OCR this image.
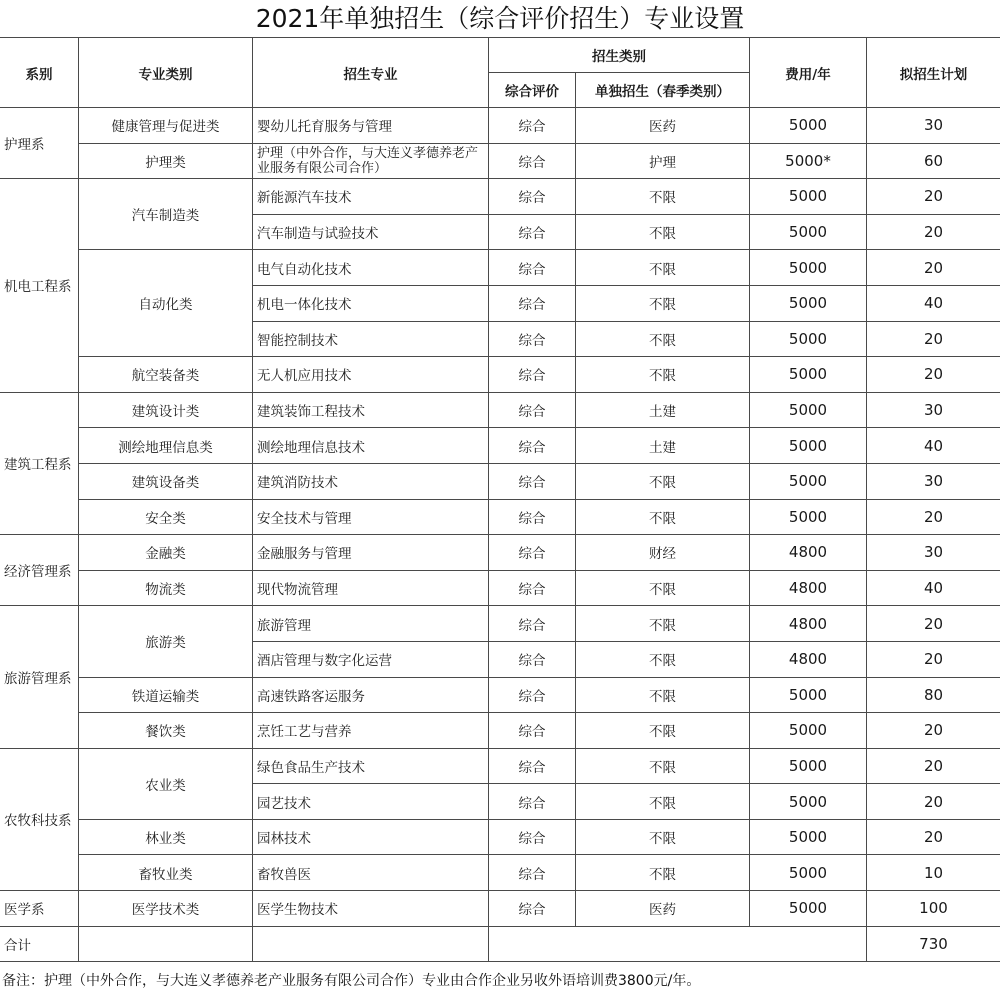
2021年单独招生（综合评价招生）专业设置
系别	专业类别	招生专业	招生类别		费用/年	拟招生计划
			综合评价	单独招生（春季类别）		
护理系	健康管理与促进类	婴幼儿托育服务与管理	综合	医药	5000	30
	护理类	护理（中外合作，与大连义孝德养老产业服务有限公司合作）	综合	护理	5000*	60
机电工程系	汽车制造类	新能源汽车技术	综合	不限	5000	20
		汽车制造与试验技术	综合	不限	5000	20
	自动化类	电气自动化技术	综合	不限	5000	20
		机电一体化技术	综合	不限	5000	40
		智能控制技术	综合	不限	5000	20
	航空装备类	无人机应用技术	综合	不限	5000	20
建筑工程系	建筑设计类	建筑装饰工程技术	综合	土建	5000	30
	测绘地理信息类	测绘地理信息技术	综合	土建	5000	40
	建筑设备类	建筑消防技术	综合	不限	5000	30
	安全类	安全技术与管理	综合	不限	5000	20
经济管理系	金融类	金融服务与管理	综合	财经	4800	30
	物流类	现代物流管理	综合	不限	4800	40
旅游管理系	旅游类	旅游管理	综合	不限	4800	20
		酒店管理与数字化运营	综合	不限	4800	20
	铁道运输类	高速铁路客运服务	综合	不限	5000	80
	餐饮类	烹饪工艺与营养	综合	不限	5000	20
农牧科技系	农业类	绿色食品生产技术	综合	不限	5000	20
		园艺技术	综合	不限	5000	20
	林业类	园林技术	综合	不限	5000	20
	畜牧业类	畜牧兽医	综合	不限	5000	10
医学系	医学技术类	医学生物技术	综合	医药	5000	100
合计						730
备注：护理（中外合作，与大连义孝德养老产业服务有限公司合作）专业由合作企业另收外语培训费3800元/年。
